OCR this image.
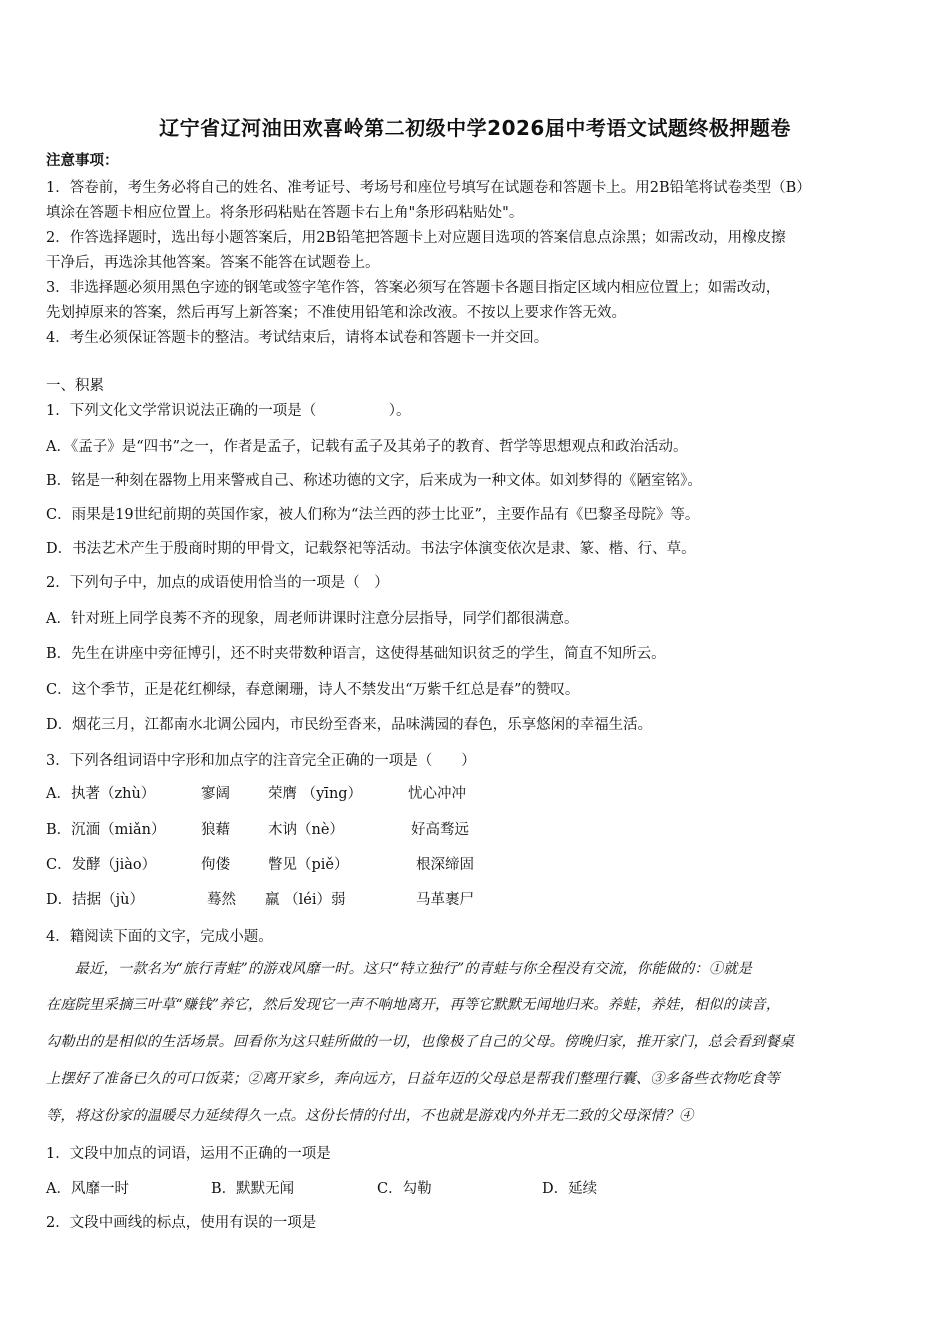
辽宁省辽河油田欢喜岭第二初级中学2026届中考语文试题终极押题卷
注意事项：
1．答卷前，考生务必将自己的姓名、准考证号、考场号和座位号填写在试题卷和答题卡上。用2B铅笔将试卷类型（B）
填涂在答题卡相应位置上。将条形码粘贴在答题卡右上角"条形码粘贴处"。
2．作答选择题时，选出每小题答案后，用2B铅笔把答题卡上对应题目选项的答案信息点涂黑；如需改动，用橡皮擦
干净后，再选涂其他答案。答案不能答在试题卷上。
3．非选择题必须用黑色字迹的钢笔或签字笔作答，答案必须写在答题卡各题目指定区域内相应位置上；如需改动，
先划掉原来的答案，然后再写上新答案；不准使用铅笔和涂改液。不按以上要求作答无效。
4．考生必须保证答题卡的整洁。考试结束后，请将本试卷和答题卡一并交回。
一、积累
1．下列文化文学常识说法正确的一项是（　　　　　）。
A．《孟子》是“四书”之一，作者是孟子，记载有孟子及其弟子的教育、哲学等思想观点和政治活动。
B．铭是一种刻在器物上用来警戒自己、称述功德的文字，后来成为一种文体。如刘梦得的《陋室铭》。
C．雨果是19世纪前期的英国作家，被人们称为“法兰西的莎士比亚”，主要作品有《巴黎圣母院》等。
D．书法艺术产生于殷商时期的甲骨文，记载祭祀等活动。书法字体演变依次是隶、篆、楷、行、草。
2．下列句子中，加点的成语使用恰当的一项是（　）
A．针对班上同学良莠不齐的现象，周老师讲课时注意分层指导，同学们都很满意。
B．先生在讲座中旁征博引，还不时夹带数种语言，这使得基础知识贫乏的学生，简直不知所云。
C．这个季节，正是花红柳绿，春意阑珊，诗人不禁发出“万紫千红总是春”的赞叹。
D．烟花三月，江都南水北调公园内，市民纷至沓来，品味满园的春色，乐享悠闲的幸福生活。
3．下列各组词语中字形和加点字的注音完全正确的一项是（　　）
A．执著（zhù）	寥阔	荣膺 （yīng）	忧心冲冲
B．沉湎（miǎn） 狼藉	木讷（nè）	好高骛远
C．发酵（jiào）	佝偻	瞥见（piě）	根深缔固
D．拮据（jù）	蓦然 羸 （léi）弱	马革裹尸
4．籍阅读下面的文字，完成小题。
　　最近，一款名为“旅行青蛙”的游戏风靡一时。这只“特立独行”的青蛙与你全程没有交流，你能做的：①就是
在庭院里采摘三叶草“赚钱”养它，然后发现它一声不响地离开，再等它默默无闻地归来。养蛙，养娃，相似的读音，
勾勒出的是相似的生活场景。回看你为这只蛙所做的一切，也像极了自己的父母。傍晚归家，推开家门，总会看到餐桌
上摆好了准备已久的可口饭菜；②离开家乡，奔向远方，日益年迈的父母总是帮我们整理行囊、③多备些衣物吃食等
等，将这份家的温暖尽力延续得久一点。这份长情的付出，不也就是游戏内外并无二致的父母深情？④
1．文段中加点的词语，运用不正确的一项是
A．风靡一时	B．默默无闻	C．勾勒	D．延续
2．文段中画线的标点，使用有误的一项是
